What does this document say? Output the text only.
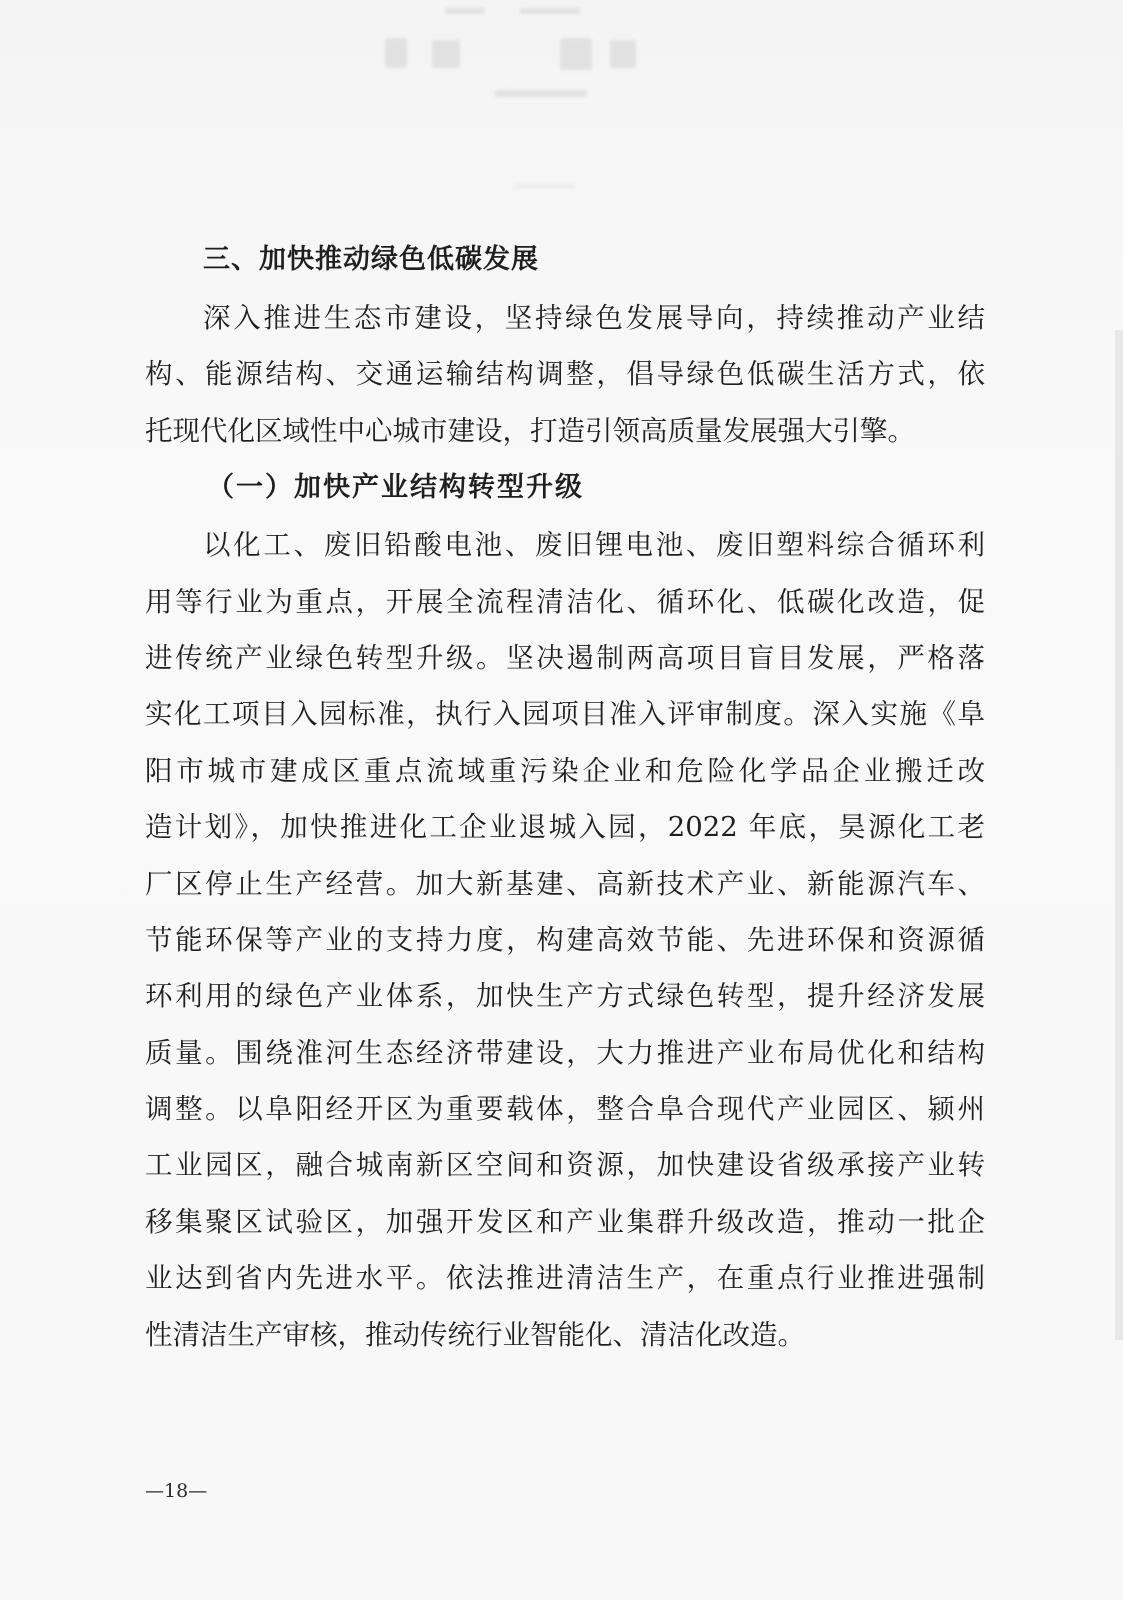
三、加快推动绿色低碳发展

深入推进生态市建设，坚持绿色发展导向，持续推动产业结

构、能源结构、交通运输结构调整，倡导绿色低碳生活方式，依

托现代化区域性中心城市建设，打造引领高质量发展强大引擎。

（一）加快产业结构转型升级

以化工、废旧铅酸电池、废旧锂电池、废旧塑料综合循环利

用等行业为重点，开展全流程清洁化、循环化、低碳化改造，促

进传统产业绿色转型升级。坚决遏制两高项目盲目发展，严格落

实化工项目入园标准，执行入园项目准入评审制度。深入实施《阜

阳市城市建成区重点流域重污染企业和危险化学品企业搬迁改

造计划》，加快推进化工企业退城入园，2022 年底，昊源化工老

厂区停止生产经营。加大新基建、高新技术产业、新能源汽车、

节能环保等产业的支持力度，构建高效节能、先进环保和资源循

环利用的绿色产业体系，加快生产方式绿色转型，提升经济发展

质量。围绕淮河生态经济带建设，大力推进产业布局优化和结构

调整。以阜阳经开区为重要载体，整合阜合现代产业园区、颍州

工业园区，融合城南新区空间和资源，加快建设省级承接产业转

移集聚区试验区，加强开发区和产业集群升级改造，推动一批企

业达到省内先进水平。依法推进清洁生产，在重点行业推进强制

性清洁生产审核，推动传统行业智能化、清洁化改造。

—18—
